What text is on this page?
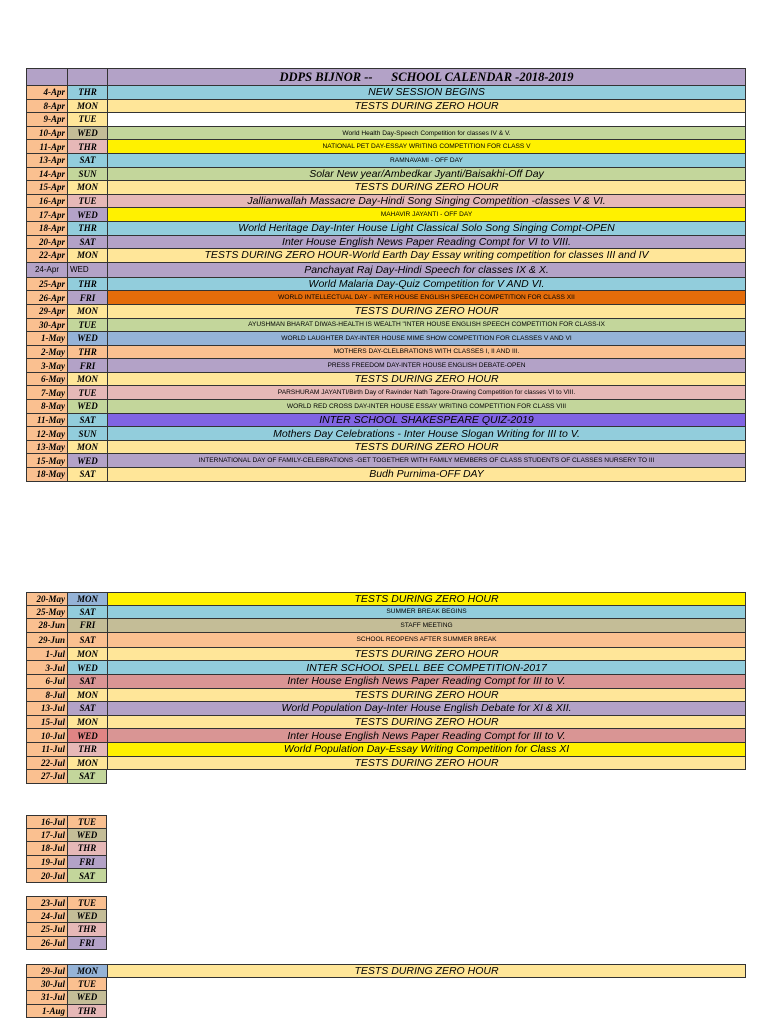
DDPS BIJNOR --      SCHOOL CALENDAR -2018-2019
4-Apr	THR	NEW SESSION BEGINS
8-Apr	MON	TESTS DURING ZERO HOUR
9-Apr	TUE
10-Apr	WED	World Health Day-Speech Competition for classes IV & V.
11-Apr	THR	NATIONAL PET DAY-ESSAY WRITING COMPETITION FOR CLASS V
13-Apr	SAT	RAMNAVAMI - OFF DAY
14-Apr	SUN	Solar New year/Ambedkar Jyanti/Baisakhi-Off Day
15-Apr	MON	TESTS DURING ZERO HOUR
16-Apr	TUE	Jallianwallah Massacre Day-Hindi Song Singing Competition -classes V & VI.
17-Apr	WED	MAHAVIR JAYANTI - OFF DAY
18-Apr	THR	World Heritage Day-Inter House Light Classical Solo Song Singing Compt-OPEN
20-Apr	SAT	Inter House English News Paper Reading Compt for VI to VIII.
22-Apr	MON	TESTS DURING ZERO HOUR-World Earth Day Essay writing competition for classes III and IV
24-Apr	WED	Panchayat Raj Day-Hindi Speech for classes IX & X.
25-Apr	THR	World Malaria Day-Quiz Competition for V AND VI.
26-Apr	FRI	WORLD INTELLECTUAL DAY - INTER HOUSE ENGLISH SPEECH COMPETITION FOR CLASS XII
29-Apr	MON	TESTS DURING ZERO HOUR
30-Apr	TUE	AYUSHMAN BHARAT DIWAS-HEALTH IS WEALTH "INTER HOUSE ENGLISH SPEECH COMPETITION FOR CLASS-IX
1-May	WED	WORLD LAUGHTER DAY-INTER HOUSE MIME SHOW COMPETITION FOR CLASSES V AND VI
2-May	THR	MOTHERS DAY-CLELBRATIONS WITH CLASSES I, II AND III.
3-May	FRI	PRESS FREEDOM DAY-INTER HOUSE ENGLISH DEBATE-OPEN
6-May	MON	TESTS DURING ZERO HOUR
7-May	TUE	PARSHURAM JAYANTI/Birth Day of Ravinder Nath Tagore-Drawing Competition for classes VI to VIII.
8-May	WED	WORLD RED CROSS DAY-INTER HOUSE ESSAY WRITING COMPETITION FOR CLASS VIII
11-May	SAT	INTER SCHOOL SHAKESPEARE QUIZ-2019
12-May	SUN	Mothers Day Celebrations - Inter House Slogan Writing for III to V.
13-May	MON	TESTS DURING ZERO HOUR
15-May	WED	INTERNATIONAL DAY OF FAMILY-CELEBRATIONS -GET TOGETHER WITH FAMILY MEMBERS OF CLASS STUDENTS OF CLASSES NURSERY TO III
18-May	SAT	Budh Purnima-OFF DAY
20-May	MON	TESTS DURING ZERO HOUR
25-May	SAT	SUMMER BREAK BEGINS
28-Jun	FRI	STAFF MEETING
29-Jun	SAT	SCHOOL REOPENS AFTER SUMMER BREAK
1-Jul	MON	TESTS DURING ZERO HOUR
3-Jul	WED	INTER SCHOOL SPELL BEE COMPETITION-2017
6-Jul	SAT	Inter House English News Paper Reading Compt for III to V.
8-Jul	MON	TESTS DURING ZERO HOUR
13-Jul	SAT	World Population Day-Inter House English Debate for XI & XII.
15-Jul	MON	TESTS DURING ZERO HOUR
10-Jul	WED	Inter House English News Paper Reading Compt for III to V.
11-Jul	THR	World Population Day-Essay Writing Competition for Class XI
22-Jul	MON	TESTS DURING ZERO HOUR
27-Jul	SAT
16-Jul	TUE
17-Jul	WED
18-Jul	THR
19-Jul	FRI
20-Jul	SAT
23-Jul	TUE
24-Jul	WED
25-Jul	THR
26-Jul	FRI
29-Jul	MON	TESTS DURING ZERO HOUR
30-Jul	TUE
31-Jul	WED
1-Aug	THR
